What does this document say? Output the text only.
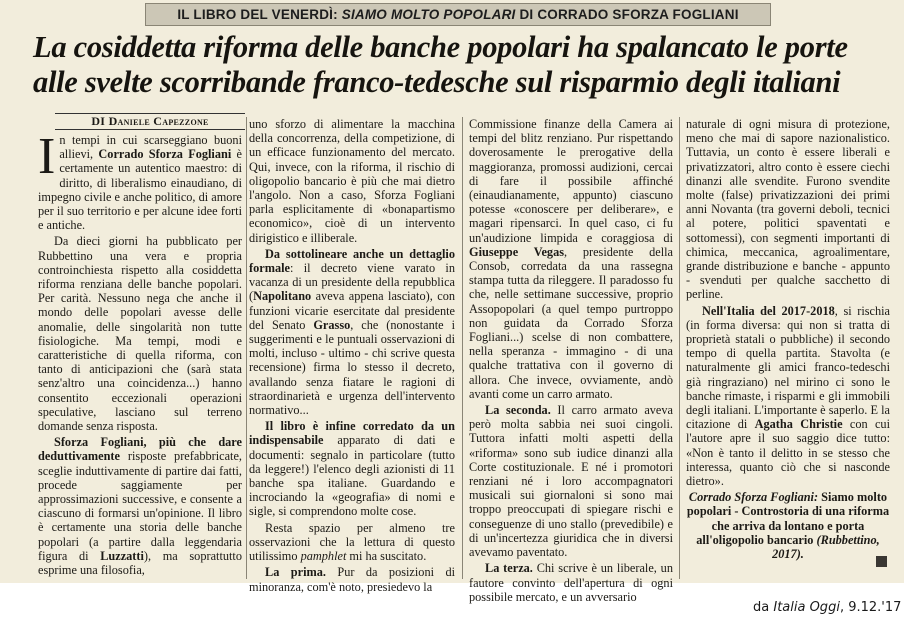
IL LIBRO DEL VENERDÌ: SIAMO MOLTO POPOLARI DI CORRADO SFORZA FOGLIANI
La cosiddetta riforma delle banche popolari ha spalancato le porte
alle svelte scorribande franco-tedesche sul risparmio degli italiani
DI Daniele Capezzone

In tempi in cui scarseggiano buoni allievi, Corrado Sforza Fogliani è certamente un autentico maestro: di diritto, di liberalismo einaudiano, di impegno civile e anche politico, di amore per il suo territorio e per alcune idee forti e antiche.

Da dieci giorni ha pubblicato per Rubbettino una vera e propria controinchiesta rispetto alla cosiddetta riforma renziana delle banche popolari. Per carità. Nessuno nega che anche il mondo delle popolari avesse delle anomalie, delle singolarità non tutte fisiologiche. Ma tempi, modi e caratteristiche di quella riforma, con tanto di anticipazioni che (sarà stata senz'altro una coincidenza...) hanno consentito eccezionali operazioni speculative, lasciano sul terreno domande senza risposta.

Sforza Fogliani, più che dare deduttivamente risposte prefabbricate, sceglie induttivamente di partire dai fatti, procede saggiamente per approssimazioni successive, e consente a ciascuno di formarsi un'opinione. Il libro è certamente una storia delle banche popolari (a partire dalla leggendaria figura di Luzzatti), ma soprattutto esprime una filosofia,

uno sforzo di alimentare la macchina della concorrenza, della competizione, di un efficace funzionamento del mercato. Qui, invece, con la riforma, il rischio di oligopolio bancario è più che mai dietro l'angolo. Non a caso, Sforza Fogliani parla esplicitamente di «bonapartismo economico», cioè di un intervento dirigistico e illiberale.

Da sottolineare anche un dettaglio formale: il decreto viene varato in vacanza di un presidente della repubblica (Napolitano aveva appena lasciato), con funzioni vicarie esercitate dal presidente del Senato Grasso, che (nonostante i suggerimenti e le puntuali osservazioni di molti, incluso - ultimo - chi scrive questa recensione) firma lo stesso il decreto, avallando senza fiatare le ragioni di straordinarietà e urgenza dell'intervento normativo...

Il libro è infine corredato da un indispensabile apparato di dati e documenti: segnalo in particolare (tutto da leggere!) l'elenco degli azionisti di 11 banche spa italiane. Guardando e incrociando la «geografia» di nomi e sigle, si comprendono molte cose.

Resta spazio per almeno tre osservazioni che la lettura di questo utilissimo pamphlet mi ha suscitato.

La prima. Pur da posizioni di minoranza, com'è noto, presiedevo la

Commissione finanze della Camera ai tempi del blitz renziano. Pur rispettando doverosamente le prerogative della maggioranza, promossi audizioni, cercai di fare il possibile affinché (einaudianamente, appunto) ciascuno potesse «conoscere per deliberare», e magari ripensarci. In quel caso, ci fu un'audizione limpida e coraggiosa di Giuseppe Vegas, presidente della Consob, corredata da una rassegna stampa tutta da rileggere. Il paradosso fu che, nelle settimane successive, proprio Assopopolari (a quel tempo purtroppo non guidata da Corrado Sforza Fogliani...) scelse di non combattere, nella speranza - immagino - di una qualche trattativa con il governo di allora. Che invece, ovviamente, andò avanti come un carro armato.

La seconda. Il carro armato aveva però molta sabbia nei suoi cingoli. Tuttora infatti molti aspetti della «riforma» sono sub iudice dinanzi alla Corte costituzionale. E né i promotori renziani né i loro accompagnatori musicali sui giornaloni si sono mai troppo preoccupati di spiegare rischi e conseguenze di uno stallo (prevedibile) e di un'incertezza giuridica che in diversi avevamo paventato.

La terza. Chi scrive è un liberale, un fautore convinto dell'apertura di ogni possibile mercato, e un avversario

naturale di ogni misura di protezione, meno che mai di sapore nazionalistico. Tuttavia, un conto è essere liberali e privatizzatori, altro conto è essere ciechi dinanzi alle svendite. Furono svendite molte (false) privatizzazioni dei primi anni Novanta (tra governi deboli, tecnici al potere, politici spaventati e sottomessi), con segmenti importanti di chimica, meccanica, agroalimentare, grande distribuzione e banche - appunto - svenduti per qualche sacchetto di perline.

Nell'Italia del 2017-2018, si rischia (in forma diversa: qui non si tratta di proprietà statali o pubbliche) il secondo tempo di quella partita. Stavolta (e naturalmente gli amici franco-tedeschi già ringraziano) nel mirino ci sono le banche rimaste, i risparmi e gli immobili degli italiani. L'importante è saperlo. E la citazione di Agatha Christie con cui l'autore apre il suo saggio dice tutto: «Non è tanto il delitto in se stesso che interessa, quanto ciò che si nasconde dietro».

Corrado Sforza Fogliani: Siamo molto popolari - Controstoria di una riforma che arriva da lontano e porta all'oligopolio bancario (Rubbettino, 2017).

da Italia Oggi, 9.12.'17
